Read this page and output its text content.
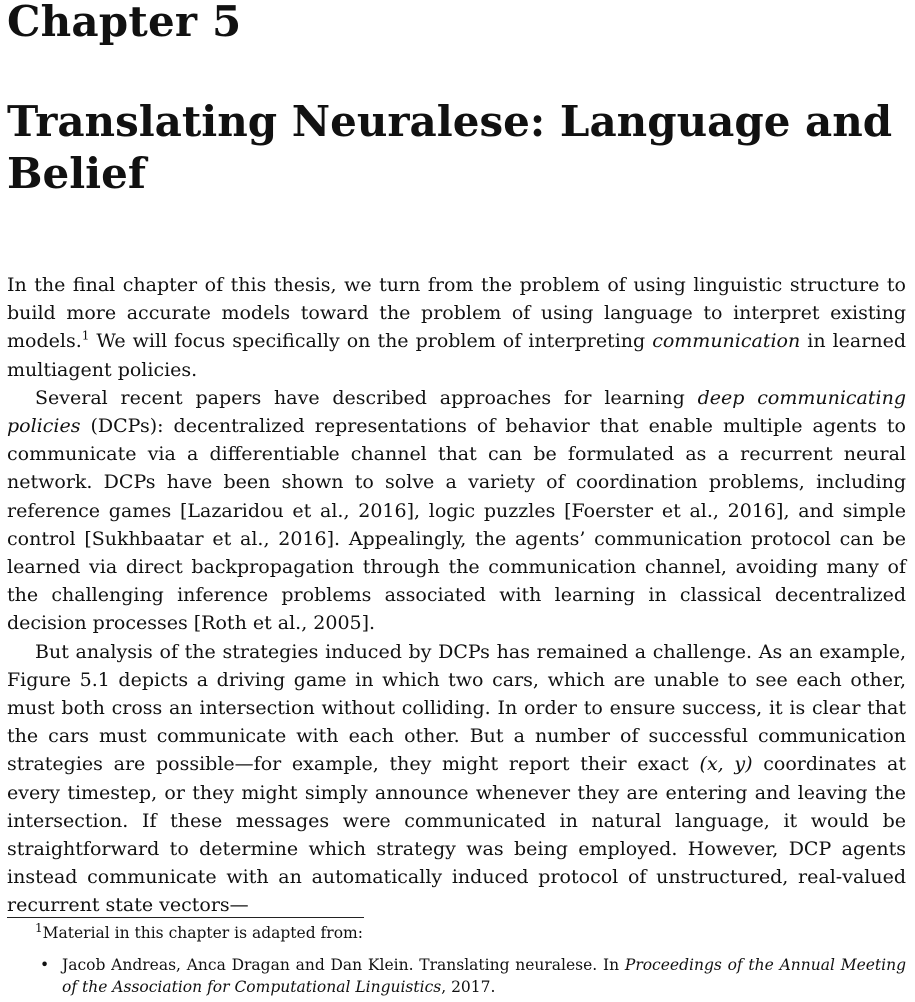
Chapter 5
Translating Neuralese: Language and Belief

In the final chapter of this thesis, we turn from the problem of using linguistic structure to build more accurate models toward the problem of using language to interpret existing models.$^1$ We will focus specifically on the problem of interpreting communication in learned multiagent policies.

Several recent papers have described approaches for learning deep communicating policies (DCPs): decentralized representations of behavior that enable multiple agents to communicate via a differentiable channel that can be formulated as a recurrent neural network. DCPs have been shown to solve a variety of coordination problems, including reference games [Lazaridou et al., 2016], logic puzzles [Foerster et al., 2016], and simple control [Sukhbaatar et al., 2016]. Appealingly, the agents’ communication protocol can be learned via direct backpropagation through the communication channel, avoiding many of the challenging inference problems associated with learning in classical decentralized decision processes [Roth et al., 2005].

But analysis of the strategies induced by DCPs has remained a challenge. As an example, Figure 5.1 depicts a driving game in which two cars, which are unable to see each other, must both cross an intersection without colliding. In order to ensure success, it is clear that the cars must communicate with each other. But a number of successful communication strategies are possible—for example, they might report their exact (x, y) coordinates at every timestep, or they might simply announce whenever they are entering and leaving the intersection. If these messages were communicated in natural language, it would be straightforward to determine which strategy was being employed. However, DCP agents instead communicate with an automatically induced protocol of unstructured, real-valued recurrent state vectors—

$^1$Material in this chapter is adapted from:

• Jacob Andreas, Anca Dragan and Dan Klein. Translating neuralese. In Proceedings of the Annual Meeting of the Association for Computational Linguistics, 2017.
